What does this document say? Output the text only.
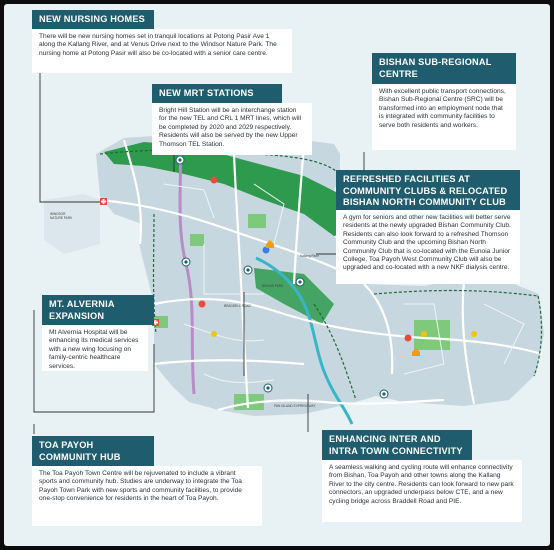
WINDSOR NATURE PARK
Kallang River
BISHAN PARK
BRADDELL ROAD
PAN ISLAND EXPRESSWAY
NEW NURSING HOMES
There will be new nursing homes set in tranquil locations at Potong Pasir Ave 1 along the Kallang River, and at Venus Drive next to the Windsor Nature Park. The nursing home at Potong Pasir will also be co-located with a senior care centre.
BISHAN SUB-REGIONAL CENTRE
With excellent public transport connections, Bishan Sub-Regional Centre (SRC) will be transformed into an employment node that is integrated with community facilities to serve both residents and workers.
NEW MRT STATIONS
Bright Hill Station will be an interchange station for the new TEL and CRL 1 MRT lines, which will be completed by 2020 and 2029 respectively. Residents will also be served by the new Upper Thomson TEL Station.
REFRESHED FACILITIES AT COMMUNITY CLUBS & RELOCATED BISHAN NORTH COMMUNITY CLUB
A gym for seniors and other new facilities will better serve residents at the newly upgraded Bishan Community Club. Residents can also look forward to a refreshed Thomson Community Club and the upcoming Bishan North Community Club that is co-located with the Eunoia Junior College. Toa Payoh West Community Club will also be upgraded and co-located with a new NKF dialysis centre.
MT. ALVERNIA EXPANSION
Mt Alvernia Hospital will be enhancing its medical services with a new wing focusing on family-centric healthcare services.
TOA PAYOH COMMUNITY HUB
The Toa Payoh Town Centre will be rejuvenated to include a vibrant sports and community hub. Studies are underway to integrate the Toa Payoh Town Park with new sports and community facilities, to provide one-stop convenience for residents in the heart of Toa Payoh.
ENHANCING INTER AND INTRA TOWN CONNECTIVITY
A seamless walking and cycling route will enhance connectivity from Bishan, Toa Payoh and other towns along the Kallang River to the city centre. Residents can look forward to new park connectors, an upgraded underpass below CTE, and a new cycling bridge across Braddell Road and PIE.
